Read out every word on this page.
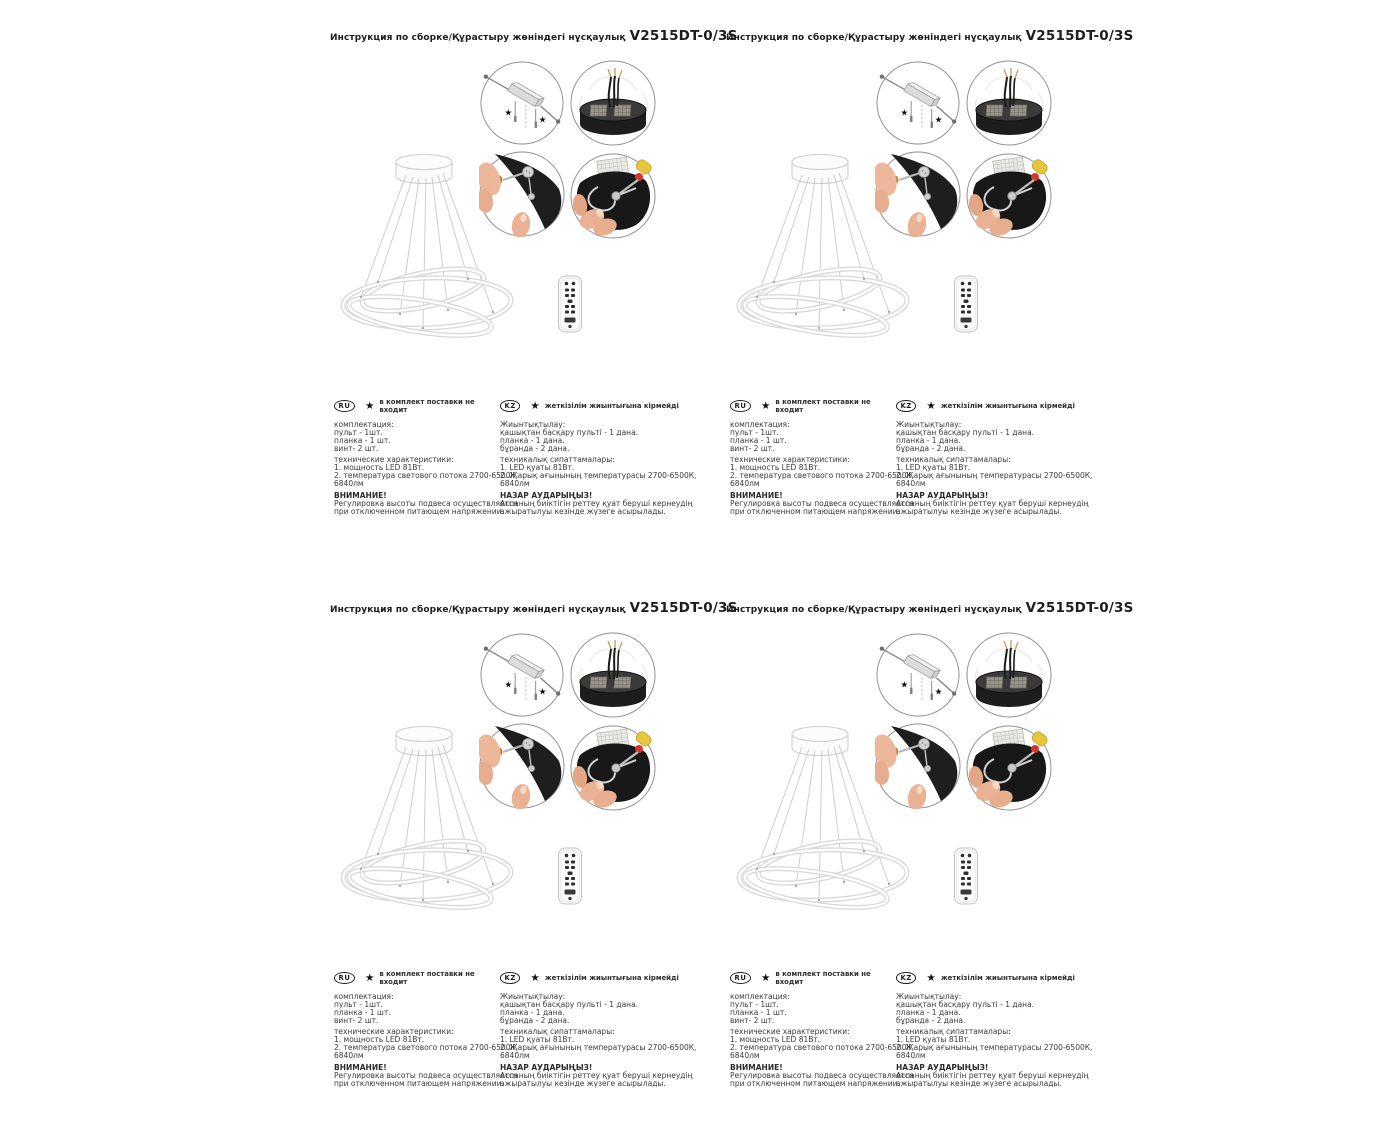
Инструкция по сборке/Құрастыру жөніндегі нұсқаулық V2515DT-0/3S
★
★
RU	★ в комплект поставки не входит
комплектация:
пульт - 1шт.
планка - 1 шт.
винт- 2 шт.
технические характеристики:
1. мощность LED 81Вт.
2. температура светового потока 2700-6500К,
6840лм
ВНИМАНИЕ!
Регулировка высоты подвеса осуществляется
при отключенном питающем напряжении.
KZ	★ жеткізілім жиынтығына кірмейді
Жиынтықтылау:
қашықтан басқару пульті - 1 дана.
планка - 1 дана.
бұранда - 2 дана.
техникалық сипаттамалары:
1. LED қуаты 81Вт.
2. Жарық ағынының температурасы 2700-6500К,
6840лм
НАЗАР АУДАРЫҢЫЗ!
Аспаның биіктігін реттеу қуат беруші кернеудің
ажыратылуы кезінде жүзеге асырылады.
Инструкция по сборке/Құрастыру жөніндегі нұсқаулық V2515DT-0/3S
★
★
RU	★ в комплект поставки не входит
комплектация:
пульт - 1шт.
планка - 1 шт.
винт- 2 шт.
технические характеристики:
1. мощность LED 81Вт.
2. температура светового потока 2700-6500К,
6840лм
ВНИМАНИЕ!
Регулировка высоты подвеса осуществляется
при отключенном питающем напряжении.
KZ	★ жеткізілім жиынтығына кірмейді
Жиынтықтылау:
қашықтан басқару пульті - 1 дана.
планка - 1 дана.
бұранда - 2 дана.
техникалық сипаттамалары:
1. LED қуаты 81Вт.
2. Жарық ағынының температурасы 2700-6500К,
6840лм
НАЗАР АУДАРЫҢЫЗ!
Аспаның биіктігін реттеу қуат беруші кернеудің
ажыратылуы кезінде жүзеге асырылады.
Инструкция по сборке/Құрастыру жөніндегі нұсқаулық V2515DT-0/3S
★
★
RU	★ в комплект поставки не входит
комплектация:
пульт - 1шт.
планка - 1 шт.
винт- 2 шт.
технические характеристики:
1. мощность LED 81Вт.
2. температура светового потока 2700-6500К,
6840лм
ВНИМАНИЕ!
Регулировка высоты подвеса осуществляется
при отключенном питающем напряжении.
KZ	★ жеткізілім жиынтығына кірмейді
Жиынтықтылау:
қашықтан басқару пульті - 1 дана.
планка - 1 дана.
бұранда - 2 дана.
техникалық сипаттамалары:
1. LED қуаты 81Вт.
2. Жарық ағынының температурасы 2700-6500К,
6840лм
НАЗАР АУДАРЫҢЫЗ!
Аспаның биіктігін реттеу қуат беруші кернеудің
ажыратылуы кезінде жүзеге асырылады.
Инструкция по сборке/Құрастыру жөніндегі нұсқаулық V2515DT-0/3S
★
★
RU	★ в комплект поставки не входит
комплектация:
пульт - 1шт.
планка - 1 шт.
винт- 2 шт.
технические характеристики:
1. мощность LED 81Вт.
2. температура светового потока 2700-6500К,
6840лм
ВНИМАНИЕ!
Регулировка высоты подвеса осуществляется
при отключенном питающем напряжении.
KZ	★ жеткізілім жиынтығына кірмейді
Жиынтықтылау:
қашықтан басқару пульті - 1 дана.
планка - 1 дана.
бұранда - 2 дана.
техникалық сипаттамалары:
1. LED қуаты 81Вт.
2. Жарық ағынының температурасы 2700-6500К,
6840лм
НАЗАР АУДАРЫҢЫЗ!
Аспаның биіктігін реттеу қуат беруші кернеудің
ажыратылуы кезінде жүзеге асырылады.
